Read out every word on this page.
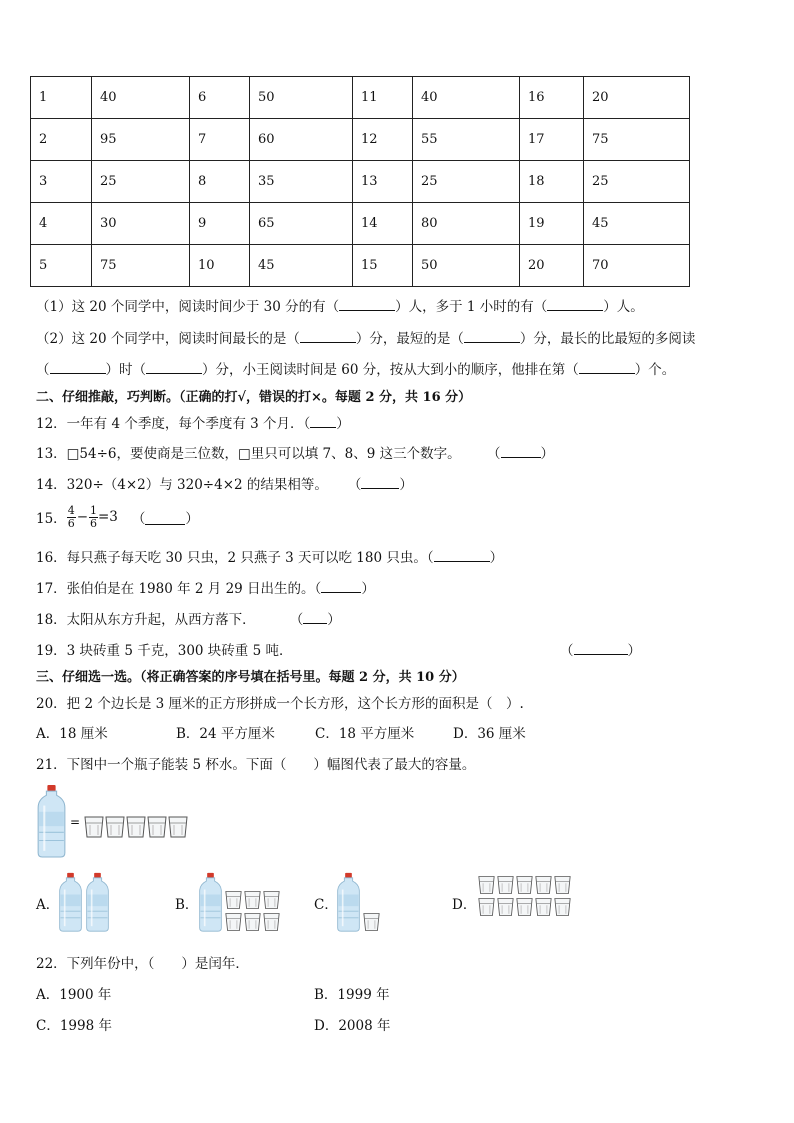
1	40	6	50	11	40	16	20
2	95	7	60	12	55	17	75
3	25	8	35	13	25	18	25
4	30	9	65	14	80	19	45
5	75	10	45	15	50	20	70
（1）这 20 个同学中，阅读时间少于 30 分的有（	）人，多于 1 小时的有（	）人。
（2）这 20 个同学中，阅读时间最长的是（	）分，最短的是（	）分，最长的比最短的多阅读
（	）时（	）分，小王阅读时间是 60 分，按从大到小的顺序，他排在第（	）个。
二、仔细推敲，巧判断。（正确的打√，错误的打×。每题 2 分，共 16 分）
12．一年有 4 个季度，每个季度有 3 个月．（ ）
13．□54÷6，要使商是三位数，□里只可以填 7、8、9 这三个数字。 （	）
14．320÷（4×2）与 320÷4×2 的结果相等。 （	）
15． $\frac{4}{6} - \frac{1}{6} =3$ （	）
16．每只燕子每天吃 30 只虫，2 只燕子 3 天可以吃 180 只虫。（	）
17．张伯伯是在 1980 年 2 月 29 日出生的。（	）
18．太阳从东方升起，从西方落下．	（ ）
19．3 块砖重 5 千克，300 块砖重 5 吨．	（	）
三、仔细选一选。（将正确答案的序号填在括号里。每题 2 分，共 10 分）
20．把 2 个边长是 3 厘米的正方形拼成一个长方形，这个长方形的面积是（　）.
A．18 厘米	B．24 平方厘米	C．18 平方厘米	D．36 厘米
21．下图中一个瓶子能装 5 杯水。下面（　　）幅图代表了最大的容量。
=
A．	B．	C．	D．
22．下列年份中，（　　）是闰年．
A．1900 年	B．1999 年
C．1998 年	D．2008 年
